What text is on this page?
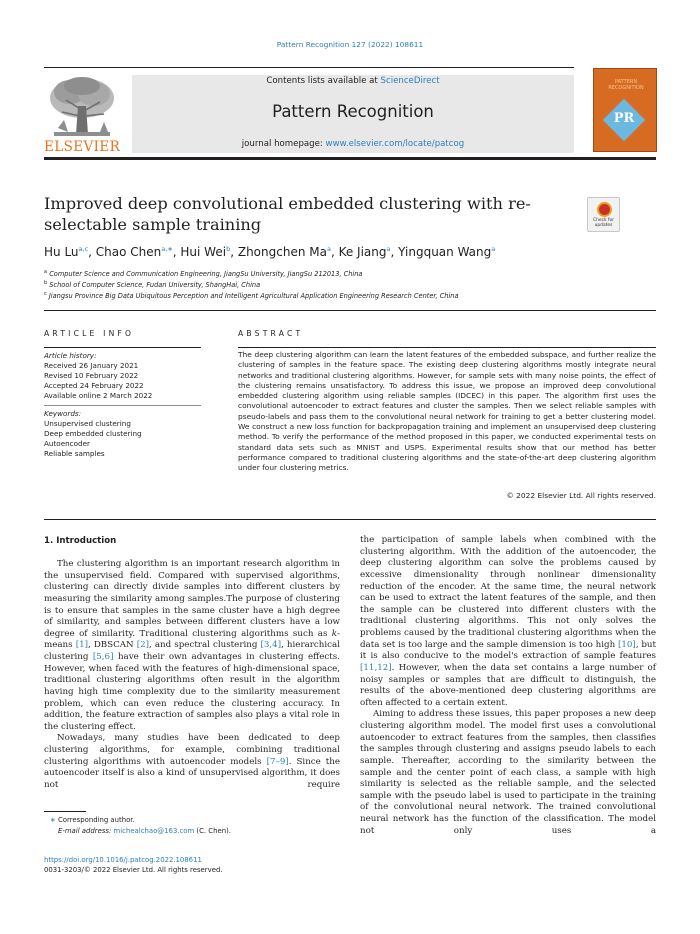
Pattern Recognition 127 (2022) 108611
Contents lists available at ScienceDirect
Pattern Recognition
journal homepage: www.elsevier.com/locate/patcog
ELSEVIER
PATTERN RECOGNITION
PR
Improved deep convolutional embedded clustering with re-selectable sample training	Check for updates
Hu Lu$^{a,c}$, Chao Chen$^{a,∗}$, Hui Wei$^b$, Zhongchen Ma$^a$, Ke Jiang$^a$, Yingquan Wang$^a$
$^a$ Computer Science and Communication Engineering, JiangSu University, JiangSu 212013, China
$^b$ School of Computer Science, Fudan University, ShangHai, China
$^c$ Jiangsu Province Big Data Ubiquitous Perception and Intelligent Agricultural Application Engineering Research Center, China
ARTICLE INFO
Article history:
Received 26 January 2021
Revised 10 February 2022
Accepted 24 February 2022
Available online 2 March 2022
Keywords:
Unsupervised clustering
Deep embedded clustering
Autoencoder
Reliable samples
ABSTRACT
The deep clustering algorithm can learn the latent features of the embedded subspace, and further realize the clustering of samples in the feature space. The existing deep clustering algorithms mostly integrate neural networks and traditional clustering algorithms. However, for sample sets with many noise points, the effect of the clustering remains unsatisfactory. To address this issue, we propose an improved deep convolutional embedded clustering algorithm using reliable samples (IDCEC) in this paper. The algorithm first uses the convolutional autoencoder to extract features and cluster the samples. Then we select reliable samples with pseudo-labels and pass them to the convolutional neural network for training to get a better clustering model. We construct a new loss function for backpropagation training and implement an unsupervised deep clustering method. To verify the performance of the method proposed in this paper, we conducted experimental tests on standard data sets such as MNIST and USPS. Experimental results show that our method has better performance compared to traditional clustering algorithms and the state-of-the-art deep clustering algorithm under four clustering metrics.
© 2022 Elsevier Ltd. All rights reserved.
1. Introduction

The clustering algorithm is an important research algorithm in the unsupervised field. Compared with supervised algorithms, clustering can directly divide samples into different clusters by measuring the similarity among samples.The purpose of clustering is to ensure that samples in the same cluster have a high degree of similarity, and samples between different clusters have a low degree of similarity. Traditional clustering algorithms such as k-means [1], DBSCAN [2], and spectral clustering [3,4], hierarchical clustering [5,6] have their own advantages in clustering effects. However, when faced with the features of high-dimensional space, traditional clustering algorithms often result in the algorithm having high time complexity due to the similarity measurement problem, which can even reduce the clustering accuracy. In addition, the feature extraction of samples also plays a vital role in the clustering effect.

Nowadays, many studies have been dedicated to deep clustering algorithms, for example, combining traditional clustering algorithms with autoencoder models [7–9]. Since the autoencoder itself is also a kind of unsupervised algorithm, it does not require

the participation of sample labels when combined with the clustering algorithm. With the addition of the autoencoder, the deep clustering algorithm can solve the problems caused by excessive dimensionality through nonlinear dimensionality reduction of the encoder. At the same time, the neural network can be used to extract the latent features of the sample, and then the sample can be clustered into different clusters with the traditional clustering algorithms. This not only solves the problems caused by the traditional clustering algorithms when the data set is too large and the sample dimension is too high [10], but it is also conducive to the model's extraction of sample features [11,12]. However, when the data set contains a large number of noisy samples or samples that are difficult to distinguish, the results of the above-mentioned deep clustering algorithms are often affected to a certain extent.

Aiming to address these issues, this paper proposes a new deep clustering algorithm model. The model first uses a convolutional autoencoder to extract features from the samples, then classifies the samples through clustering and assigns pseudo labels to each sample. Thereafter, according to the similarity between the sample and the center point of each class, a sample with high similarity is selected as the reliable sample, and the selected sample with the pseudo label is used to participate in the training of the convolutional neural network. The trained convolutional neural network has the function of the classification. The model not only uses a

∗ Corresponding author.
E-mail address: michealchao@163.com (C. Chen).
https://doi.org/10.1016/j.patcog.2022.108611
0031-3203/© 2022 Elsevier Ltd. All rights reserved.
